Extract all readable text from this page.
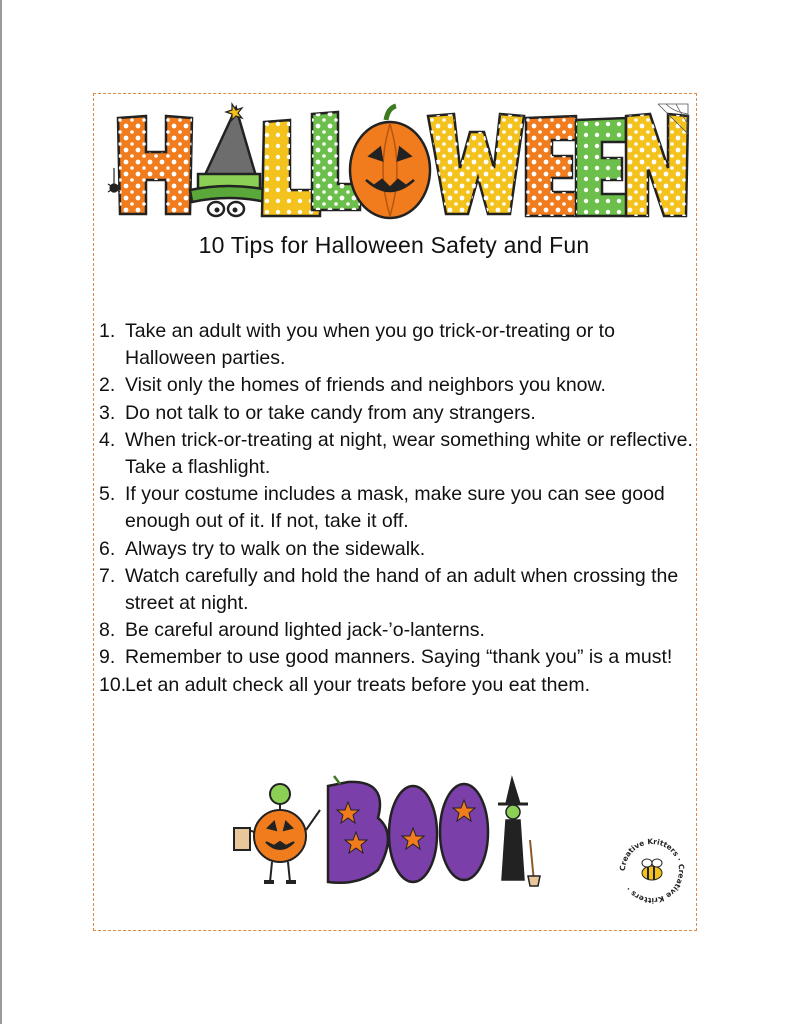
10 Tips for Halloween Safety and Fun
1. Take an adult with you when you go trick-or-treating or to Halloween parties.
2. Visit only the homes of friends and neighbors you know.
3. Do not talk to or take candy from any strangers.
4. When trick-or-treating at night, wear something white or reflective. Take a flashlight.
5. If your costume includes a mask, make sure you can see good enough out of it. If not, take it off.
6. Always try to walk on the sidewalk.
7. Watch carefully and hold the hand of an adult when crossing the street at night.
8. Be careful around lighted jack-’o-lanterns.
9. Remember to use good manners. Saying “thank you” is a must!
10.
Let an adult check all your treats before you eat them.
Creative Kritters · Creative Kritters ·
